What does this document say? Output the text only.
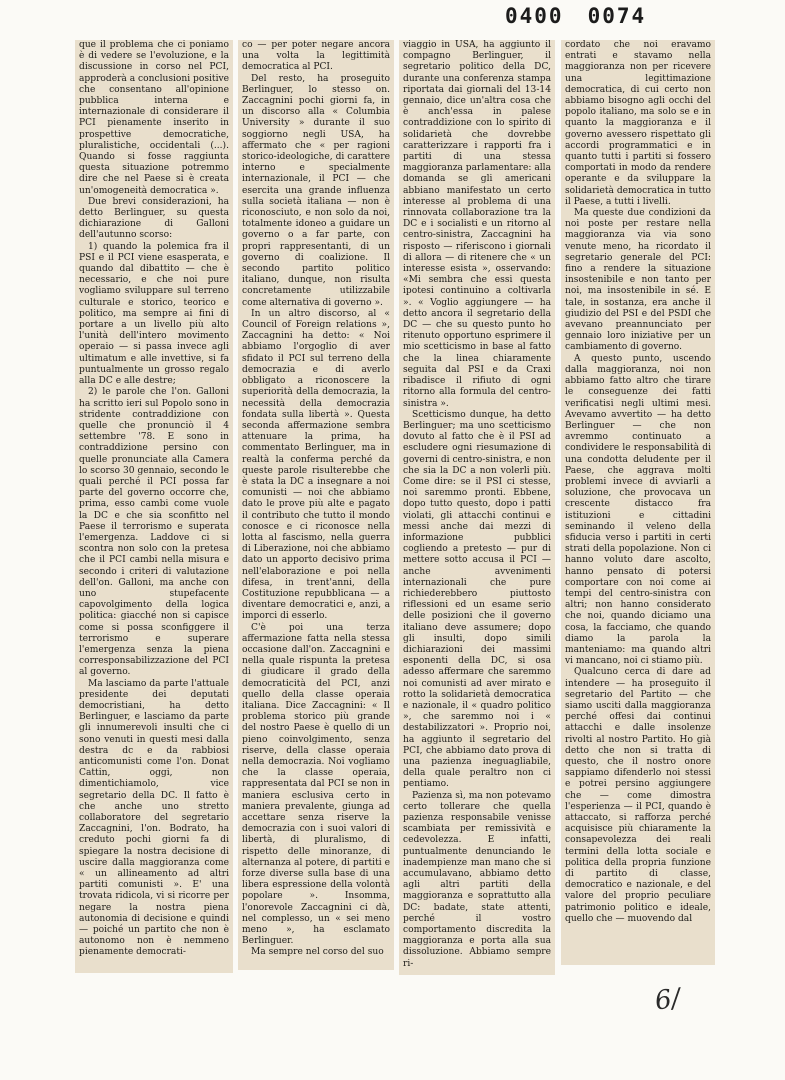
0400 0074

que il problema che ci poniamo è di vedere se l'evoluzione, e la discussione in corso nel PCI, approderà a conclusioni positive che consentano all'opinione pubblica interna e internazionale di considerare il PCI pienamente inserito in prospettive democratiche, pluralistiche, occidentali (...). Quando si fosse raggiunta questa situazione potremmo dire che nel Paese si è creata un'omogeneità democratica ».

Due brevi considerazioni, ha detto Berlinguer, su questa dichiarazione di Galloni dell'autunno scorso:

1) quando la polemica fra il PSI e il PCI viene esasperata, e quando dal dibattito — che è necessario, e che noi pure vogliamo sviluppare sul terreno culturale e storico, teorico e politico, ma sempre ai fini di portare a un livello più alto l'unità dell'intero movimento operaio — si passa invece agli ultimatum e alle invettive, si fa puntualmente un grosso regalo alla DC e alle destre;

2) le parole che l'on. Galloni ha scritto ieri sul Popolo sono in stridente contraddizione con quelle che pronunciò il 4 settembre '78. E sono in contraddizione persino con quelle pronunciate alla Camera lo scorso 30 gennaio, secondo le quali perché il PCI possa far parte del governo occorre che, prima, esso cambi come vuole la DC e che sia sconfitto nel Paese il terrorismo e superata l'emergenza. Laddove ci si scontra non solo con la pretesa che il PCI cambi nella misura e secondo i criteri di valutazione dell'on. Galloni, ma anche con uno stupefacente capovolgimento della logica politica: giacché non si capisce come si possa sconfiggere il terrorismo e superare l'emergenza senza la piena corresponsabilizzazione del PCI al governo.

Ma lasciamo da parte l'attuale presidente dei deputati democristiani, ha detto Berlinguer, e lasciamo da parte gli innumerevoli insulti che ci sono venuti in questi mesi dalla destra dc e da rabbiosi anticomunisti come l'on. Donat Cattin, oggi, non dimentichiamolo, vice segretario della DC. Il fatto è che anche uno stretto collaboratore del segretario Zaccagnini, l'on. Bodrato, ha creduto pochi giorni fa di spiegare la nostra decisione di uscire dalla maggioranza come « un allineamento ad altri partiti comunisti ». E' una trovata ridicola, vi si ricorre per negare la nostra piena autonomia di decisione e quindi — poiché un partito che non è autonomo non è nemmeno pienamente democrati-

co — per poter negare ancora una volta la legittimità democratica al PCI.

Del resto, ha proseguito Berlinguer, lo stesso on. Zaccagnini pochi giorni fa, in un discorso alla « Columbia University » durante il suo soggiorno negli USA, ha affermato che « per ragioni storico-ideologiche, di carattere interno e specialmente internazionale, il PCI — che esercita una grande influenza sulla società italiana — non è riconosciuto, e non solo da noi, totalmente idoneo a guidare un governo o a far parte, con propri rappresentanti, di un governo di coalizione. Il secondo partito politico italiano, dunque, non risulta concretamente utilizzabile come alternativa di governo ».

In un altro discorso, al « Council of Foreign relations », Zaccagnini ha detto: « Noi abbiamo l'orgoglio di aver sfidato il PCI sul terreno della democrazia e di averlo obbligato a riconoscere la superiorità della democrazia, la necessità della democrazia fondata sulla libertà ». Questa seconda affermazione sembra attenuare la prima, ha commentato Berlinguer, ma in realtà la conferma perché da queste parole risulterebbe che è stata la DC a insegnare a noi comunisti — noi che abbiamo dato le prove più alte e pagato il contributo che tutto il mondo conosce e ci riconosce nella lotta al fascismo, nella guerra di Liberazione, noi che abbiamo dato un apporto decisivo prima nell'elaborazione e poi nella difesa, in trent'anni, della Costituzione repubblicana — a diventare democratici e, anzi, a imporci di esserlo.

C'è poi una terza affermazione fatta nella stessa occasione dall'on. Zaccagnini e nella quale rispunta la pretesa di giudicare il grado della democraticità del PCI, anzi quello della classe operaia italiana. Dice Zaccagnini: « Il problema storico più grande del nostro Paese è quello di un pieno coinvolgimento, senza riserve, della classe operaia nella democrazia. Noi vogliamo che la classe operaia, rappresentata dal PCI se non in maniera esclusiva certo in maniera prevalente, giunga ad accettare senza riserve la democrazia con i suoi valori di libertà, di pluralismo, di rispetto delle minoranze, di alternanza al potere, di partiti e forze diverse sulla base di una libera espressione della volontà popolare ». Insomma, l'onorevole Zaccagnini ci dà, nel complesso, un « sei meno meno », ha esclamato Berlinguer.

Ma sempre nel corso del suo

viaggio in USA, ha aggiunto il compagno Berlinguer, il segretario politico della DC, durante una conferenza stampa riportata dai giornali del 13-14 gennaio, dice un'altra cosa che è anch'essa in palese contraddizione con lo spirito di solidarietà che dovrebbe caratterizzare i rapporti fra i partiti di una stessa maggioranza parlamentare: alla domanda se gli americani abbiano manifestato un certo interesse al problema di una rinnovata collaborazione tra la DC e i socialisti e un ritorno al centro-sinistra, Zaccagnini ha risposto — riferiscono i giornali di allora — di ritenere che « un interesse esista », osservando: «Mi sembra che essi questa ipotesi continuino a coltivarla ». « Voglio aggiungere — ha detto ancora il segretario della DC — che su questo punto ho ritenuto opportuno esprimere il mio scetticismo in base al fatto che la linea chiaramente seguita dal PSI e da Craxi ribadisce il rifiuto di ogni ritorno alla formula del centro-sinistra ».

Scetticismo dunque, ha detto Berlinguer; ma uno scetticismo dovuto al fatto che è il PSI ad escludere ogni riesumazione di governi di centro-sinistra, e non che sia la DC a non volerli più. Come dire: se il PSI ci stesse, noi saremmo pronti. Ebbene, dopo tutto questo, dopo i patti violati, gli attacchi continui e messi anche dai mezzi di informazione pubblici cogliendo a pretesto — pur di mettere sotto accusa il PCI — anche avvenimenti internazionali che pure richiederebbero piuttosto riflessioni ed un esame serio delle posizioni che il governo italiano deve assumere; dopo gli insulti, dopo simili dichiarazioni dei massimi esponenti della DC, si osa adesso affermare che saremmo noi comunisti ad aver mirato e rotto la solidarietà democratica e nazionale, il « quadro politico », che saremmo noi i « destabilizzatori ». Proprio noi, ha aggiunto il segretario del PCI, che abbiamo dato prova di una pazienza ineguagliabile, della quale peraltro non ci pentiamo.

Pazienza sì, ma non potevamo certo tollerare che quella pazienza responsabile venisse scambiata per remissività e cedevolezza. E infatti, puntualmente denunciando le inadempienze man mano che si accumulavano, abbiamo detto agli altri partiti della maggioranza e soprattutto alla DC: badate, state attenti, perché il vostro comportamento discredita la maggioranza e porta alla sua dissoluzione. Abbiamo sempre ri-

cordato che noi eravamo entrati e stavamo nella maggioranza non per ricevere una legittimazione democratica, di cui certo non abbiamo bisogno agli occhi del popolo italiano, ma solo se e in quanto la maggioranza e il governo avessero rispettato gli accordi programmatici e in quanto tutti i partiti si fossero comportati in modo da rendere operante e da sviluppare la solidarietà democratica in tutto il Paese, a tutti i livelli.

Ma queste due condizioni da noi poste per restare nella maggioranza via via sono venute meno, ha ricordato il segretario generale del PCI: fino a rendere la situazione insostenibile e non tanto per noi, ma insostenibile in sé. E tale, in sostanza, era anche il giudizio del PSI e del PSDI che avevano preannunciato per gennaio loro iniziative per un cambiamento di governo.

A questo punto, uscendo dalla maggioranza, noi non abbiamo fatto altro che tirare le conseguenze dei fatti verificatisi negli ultimi mesi. Avevamo avvertito — ha detto Berlinguer — che non avremmo continuato a condividere le responsabilità di una condotta deludente per il Paese, che aggrava molti problemi invece di avviarli a soluzione, che provocava un crescente distacco fra istituzioni e cittadini seminando il veleno della sfiducia verso i partiti in certi strati della popolazione. Non ci hanno voluto dare ascolto, hanno pensato di potersi comportare con noi come ai tempi del centro-sinistra con altri; non hanno considerato che noi, quando diciamo una cosa, la facciamo, che quando diamo la parola la manteniamo: ma quando altri vi mancano, noi ci stiamo più.

Qualcuno cerca di dare ad intendere — ha proseguito il segretario del Partito — che siamo usciti dalla maggioranza perché offesi dai continui attacchi e dalle insolenze rivolti al nostro Partito. Ho già detto che non si tratta di questo, che il nostro onore sappiamo difenderlo noi stessi e potrei persino aggiungere che — come dimostra l'esperienza — il PCI, quando è attaccato, si rafforza perché acquisisce più chiaramente la consapevolezza dei reali termini della lotta sociale e politica della propria funzione di partito di classe, democratico e nazionale, e del valore del proprio peculiare patrimonio politico e ideale, quello che — muovendo dal

6/
